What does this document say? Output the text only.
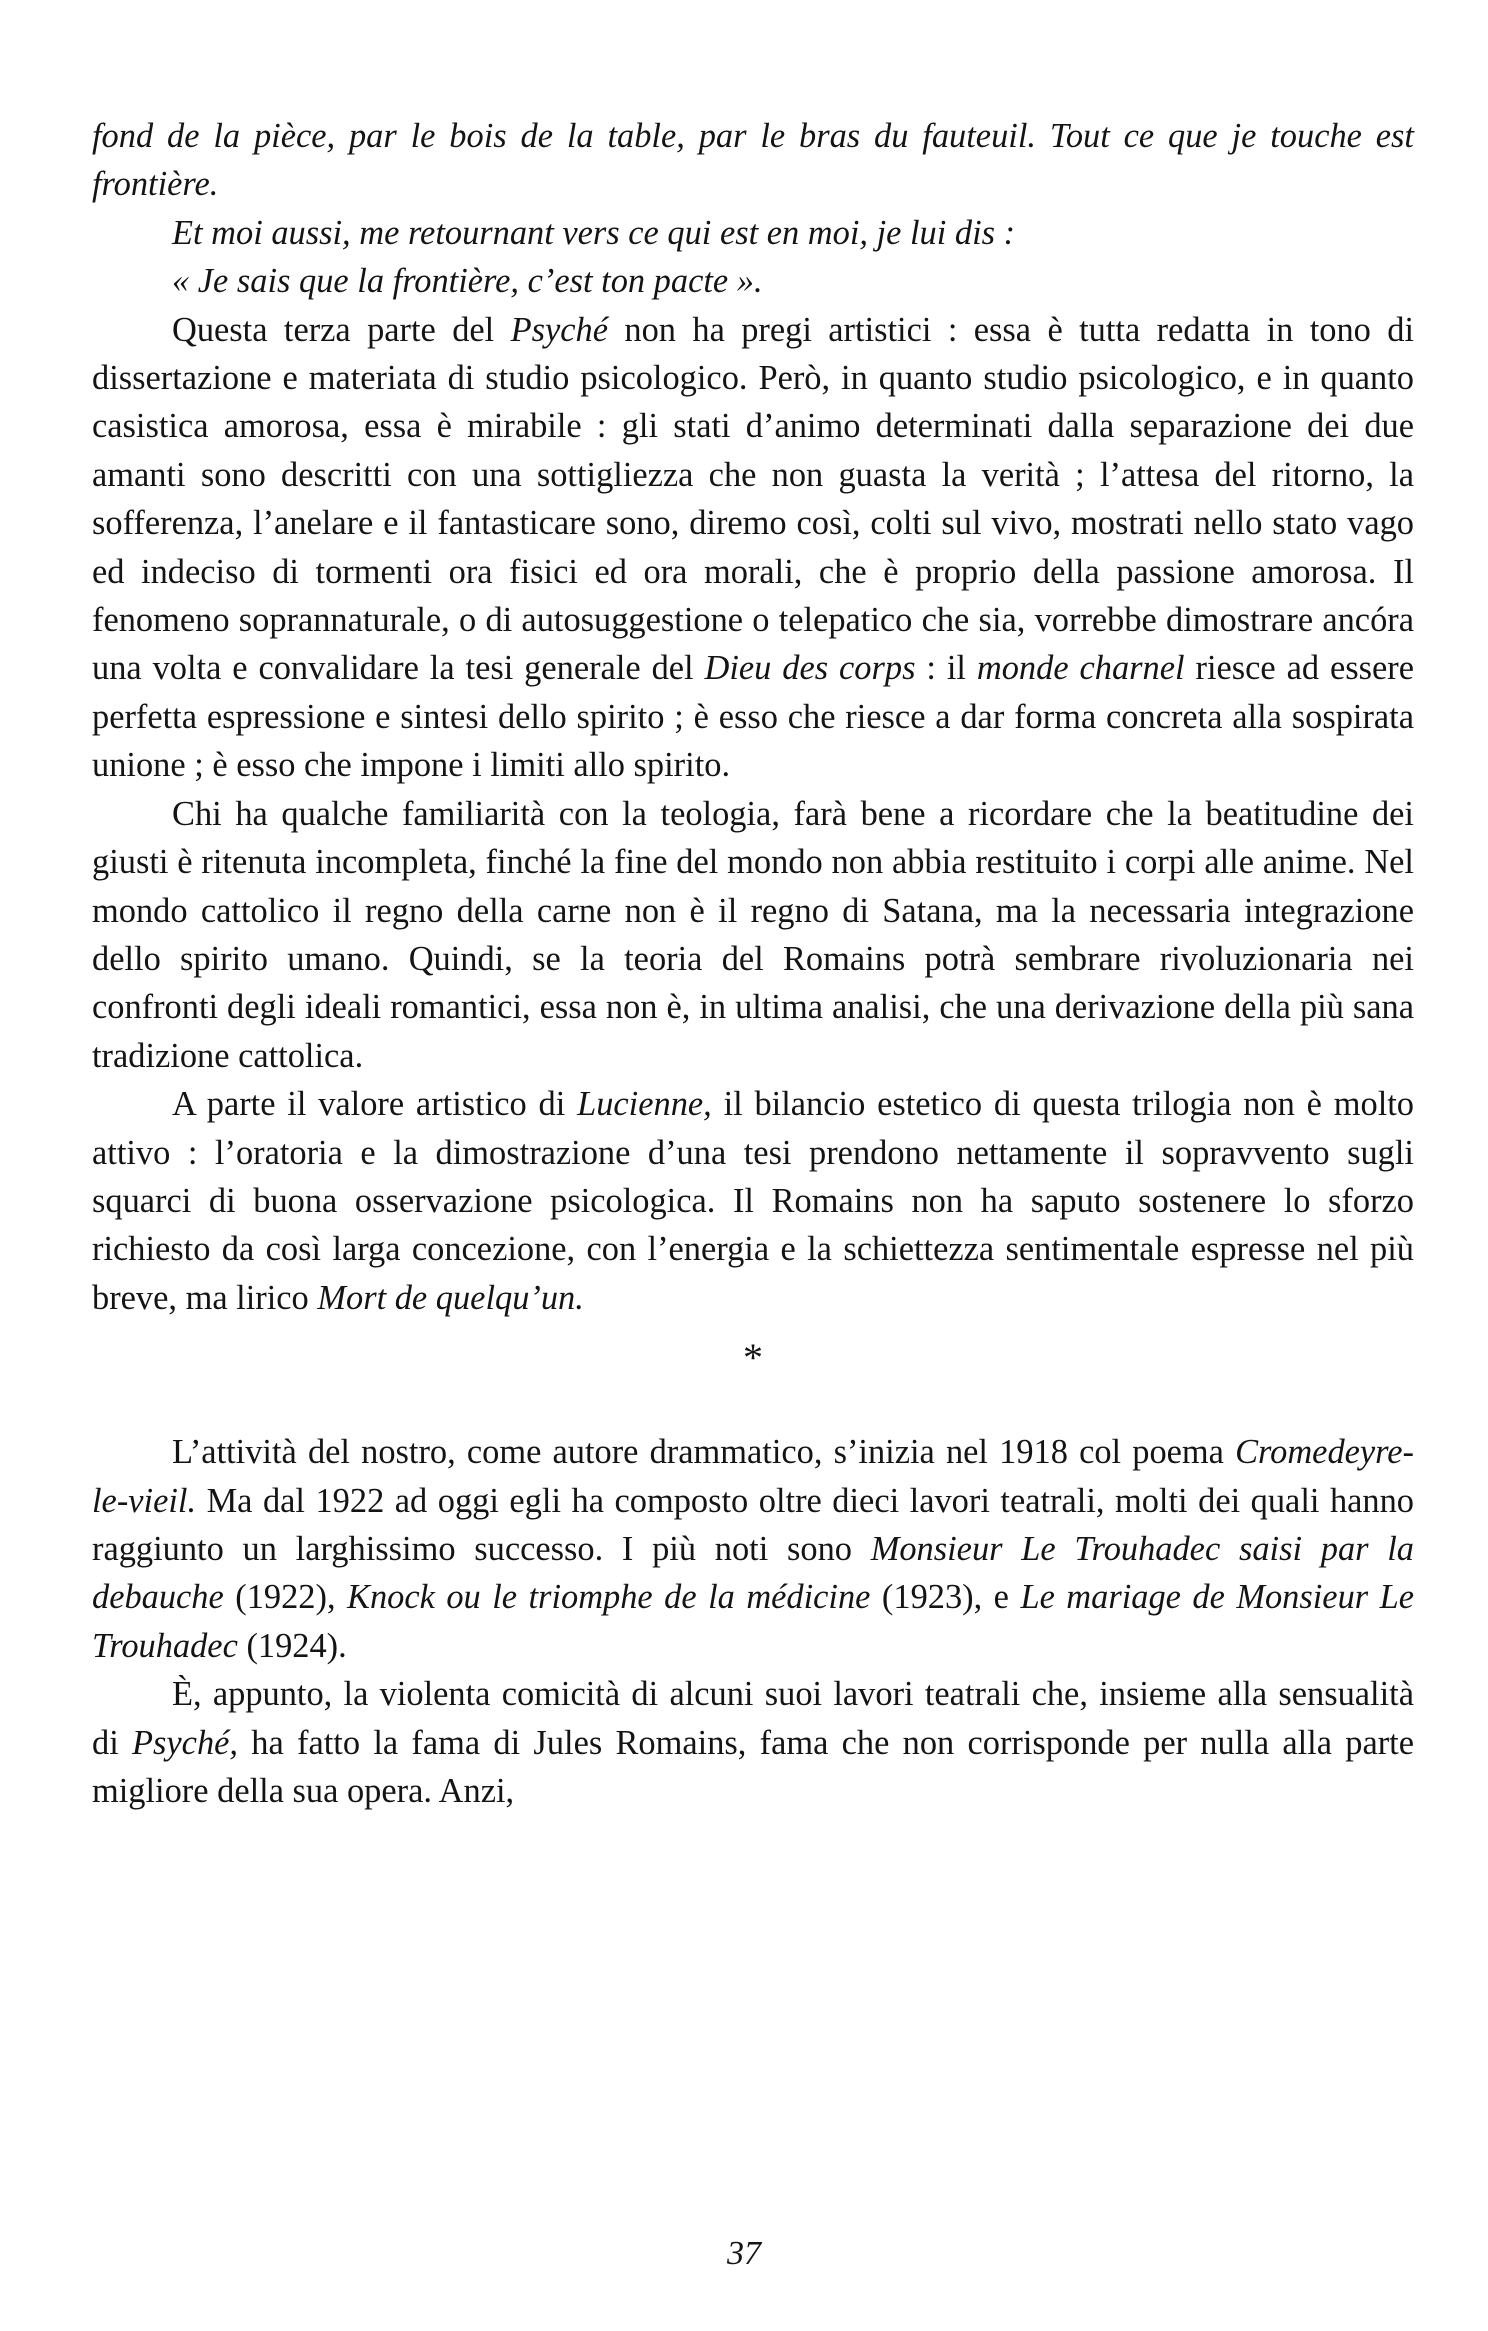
fond de la pièce, par le bois de la table, par le bras du fauteuil. Tout ce que je touche est frontière.

Et moi aussi, me retournant vers ce qui est en moi, je lui dis :

« Je sais que la frontière, c’est ton pacte ».

Questa terza parte del Psyché non ha pregi artistici : essa è tutta redatta in tono di dissertazione e materiata di studio psicologico. Però, in quanto studio psicologico, e in quanto casistica amorosa, essa è mirabile : gli stati d’animo determinati dalla separazione dei due amanti sono descritti con una sottigliezza che non guasta la verità ; l’attesa del ritorno, la sofferenza, l’anelare e il fantasticare sono, diremo così, colti sul vivo, mostrati nello stato vago ed indeciso di tormenti ora fisici ed ora morali, che è proprio della passione amorosa. Il fenomeno soprannaturale, o di autosuggestione o telepatico che sia, vorrebbe dimostrare ancóra una volta e convalidare la tesi generale del Dieu des corps : il monde charnel riesce ad essere perfetta espressione e sintesi dello spirito ; è esso che riesce a dar forma concreta alla sospirata unione ; è esso che impone i limiti allo spirito.

Chi ha qualche familiarità con la teologia, farà bene a ricordare che la beatitudine dei giusti è ritenuta incompleta, finché la fine del mondo non abbia restituito i corpi alle anime. Nel mondo cattolico il regno della carne non è il regno di Satana, ma la necessaria integrazione dello spirito umano. Quindi, se la teoria del Romains potrà sembrare rivoluzionaria nei confronti degli ideali romantici, essa non è, in ultima analisi, che una derivazione della più sana tradizione cattolica.

A parte il valore artistico di Lucienne, il bilancio estetico di questa trilogia non è molto attivo : l’oratoria e la dimostrazione d’una tesi prendono nettamente il sopravvento sugli squarci di buona osservazione psicologica. Il Romains non ha saputo sostenere lo sforzo richiesto da così larga concezione, con l’energia e la schiettezza sentimentale espresse nel più breve, ma lirico Mort de quelqu’un.

*

L’attività del nostro, come autore drammatico, s’inizia nel 1918 col poema Cromedeyre-le-vieil. Ma dal 1922 ad oggi egli ha composto oltre dieci lavori teatrali, molti dei quali hanno raggiunto un larghissimo successo. I più noti sono Monsieur Le Trouhadec saisi par la debauche (1922), Knock ou le triomphe de la médicine (1923), e Le mariage de Monsieur Le Trouhadec (1924).

È, appunto, la violenta comicità di alcuni suoi lavori teatrali che, insieme alla sensualità di Psyché, ha fatto la fama di Jules Romains, fama che non corrisponde per nulla alla parte migliore della sua opera. Anzi,

37
